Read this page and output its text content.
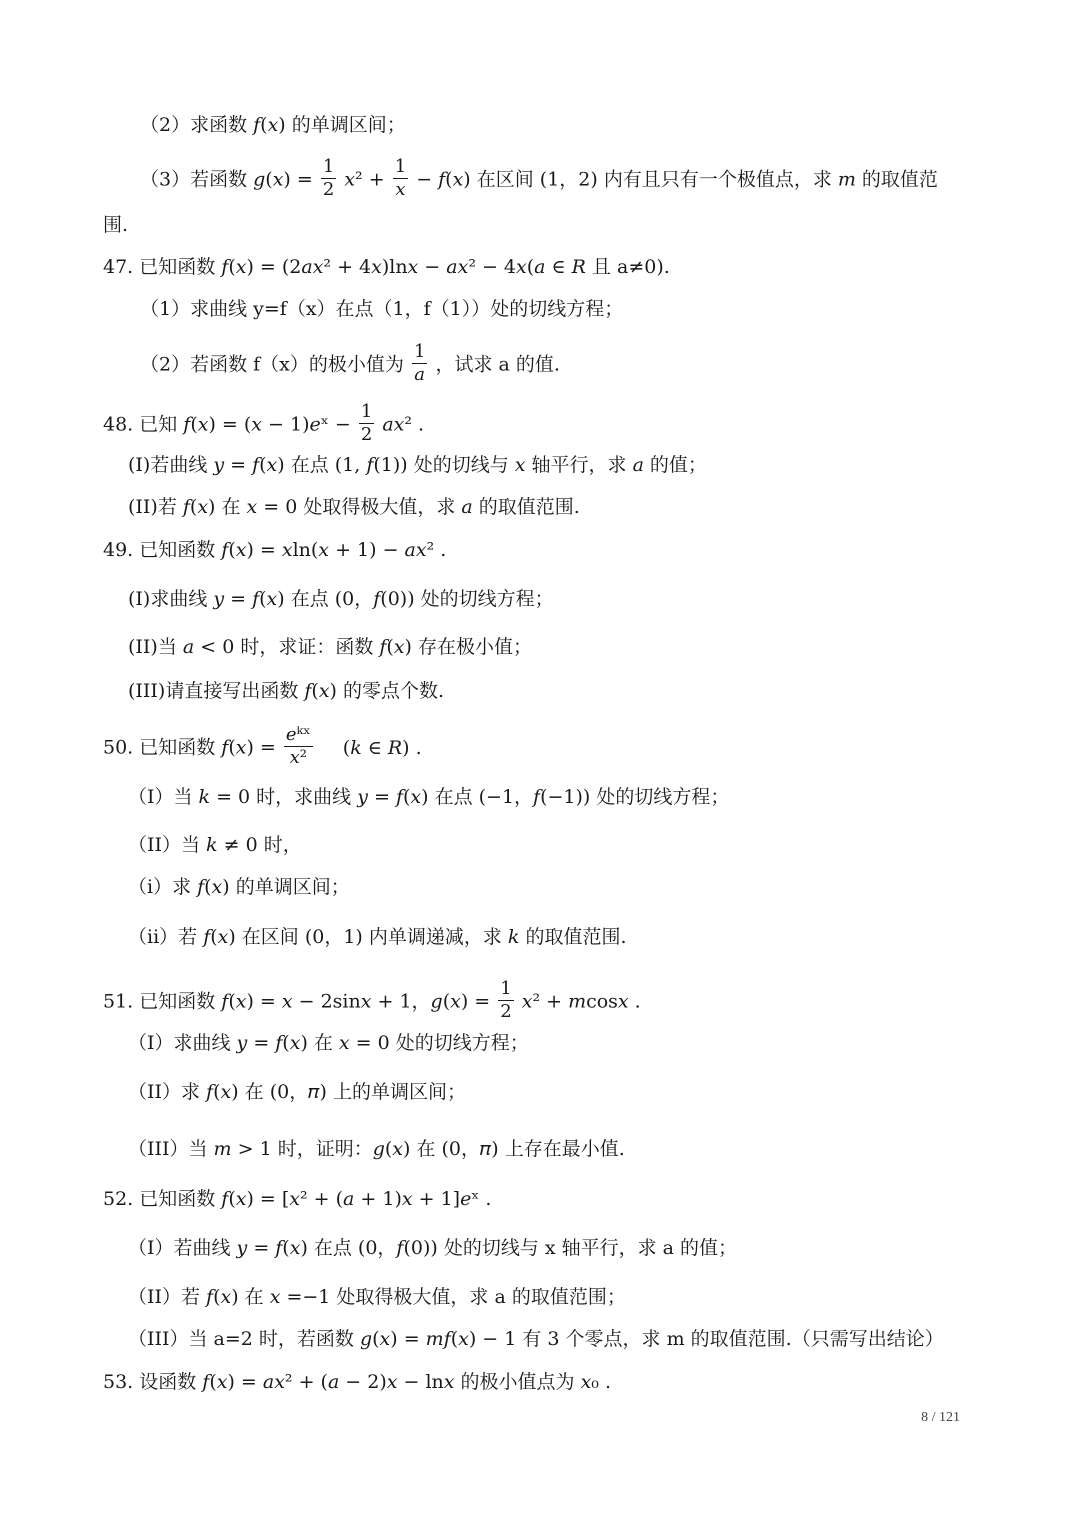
（2）求函数 𝑓(𝑥) 的单调区间；
（3）若函数 𝑔(𝑥) = $\frac{1}{2}$ 𝑥² + $\frac{1}{\text{𝑥}}$ − 𝑓(𝑥) 在区间 (1，2) 内有且只有一个极值点，求 𝑚 的取值范
围.
47. 已知函数 𝑓(𝑥) = (2𝑎𝑥² + 4𝑥)ln𝑥 − 𝑎𝑥² − 4𝑥(𝑎 ∈ 𝑅 且 a≠0).
（1）求曲线 y=f（x）在点（1，f（1））处的切线方程；
（2）若函数 f（x）的极小值为 $\frac{1}{\text{𝑎}}$ ，试求 a 的值.
48. 已知 𝑓(𝑥) = (𝑥 − 1)𝑒ˣ − $\frac{1}{2}$ 𝑎𝑥² .
(I)若曲线 𝑦 = 𝑓(𝑥) 在点 (1, 𝑓(1)) 处的切线与 𝑥 轴平行，求 𝑎 的值；
(II)若 𝑓(𝑥) 在 𝑥 = 0 处取得极大值，求 𝑎 的取值范围.
49. 已知函数 𝑓(𝑥) = 𝑥ln(𝑥 + 1) − 𝑎𝑥² .
(I)求曲线 𝑦 = 𝑓(𝑥) 在点 (0，𝑓(0)) 处的切线方程；
(II)当 𝑎 < 0 时，求证：函数 𝑓(𝑥) 存在极小值；
(III)请直接写出函数 𝑓(𝑥) 的零点个数.
50. 已知函数 𝑓(𝑥) = $\frac{\text{𝑒ᵏˣ}}{\text{𝑥²}}$ (𝑘 ∈ 𝑅) .
（I）当 𝑘 = 0 时，求曲线 𝑦 = 𝑓(𝑥) 在点 (−1，𝑓(−1)) 处的切线方程；
（II）当 𝑘 ≠ 0 时，
（i）求 𝑓(𝑥) 的单调区间；
（ii）若 𝑓(𝑥) 在区间 (0，1) 内单调递减，求 𝑘 的取值范围.
51. 已知函数 𝑓(𝑥) = 𝑥 − 2sin𝑥 + 1，𝑔(𝑥) = $\frac{1}{2}$ 𝑥² + 𝑚cos𝑥 .
（I）求曲线 𝑦 = 𝑓(𝑥) 在 𝑥 = 0 处的切线方程；
（II）求 𝑓(𝑥) 在 (0，𝜋) 上的单调区间；
（III）当 𝑚 > 1 时，证明：𝑔(𝑥) 在 (0，𝜋) 上存在最小值.
52. 已知函数 𝑓(𝑥) = [𝑥² + (𝑎 + 1)𝑥 + 1]𝑒ˣ .
（I）若曲线 𝑦 = 𝑓(𝑥) 在点 (0，𝑓(0)) 处的切线与 x 轴平行，求 a 的值；
（II）若 𝑓(𝑥) 在 𝑥 =−1 处取得极大值，求 a 的取值范围；
（III）当 a=2 时，若函数 𝑔(𝑥) = 𝑚𝑓(𝑥) − 1 有 3 个零点，求 m 的取值范围.（只需写出结论）
53. 设函数 𝑓(𝑥) = 𝑎𝑥² + (𝑎 − 2)𝑥 − ln𝑥 的极小值点为 𝑥₀ .
8 / 121
